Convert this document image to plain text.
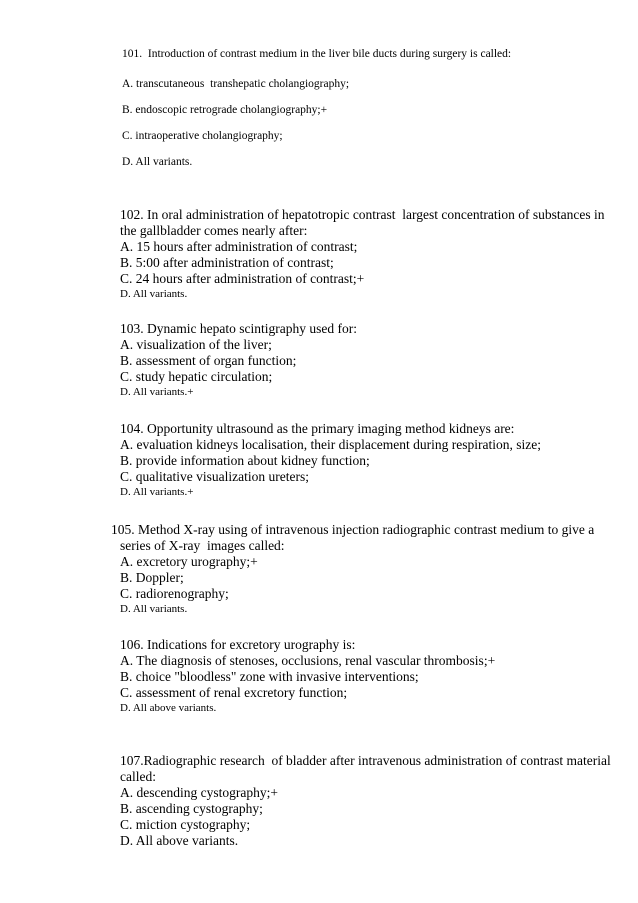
101.  Introduction of contrast medium in the liver bile ducts during surgery is called:
A. transcutaneous  transhepatic cholangiography;
B. endoscopic retrograde cholangiography;+
C. intraoperative cholangiography;
D. All variants.
102. In oral administration of hepatotropic contrast  largest concentration of substances in
the gallbladder comes nearly after:
A. 15 hours after administration of contrast;
B. 5:00 after administration of contrast;
C. 24 hours after administration of contrast;+
D. All variants.
103. Dynamic hepato scintigraphy used for:
A. visualization of the liver;
B. assessment of organ function;
C. study hepatic circulation;
D. All variants.+
104. Opportunity ultrasound as the primary imaging method kidneys are:
A. evaluation kidneys localisation, their displacement during respiration, size;
B. provide information about kidney function;
C. qualitative visualization ureters;
D. All variants.+
105. Method X-ray using of intravenous injection radiographic contrast medium to give a
series of X-ray  images called:
A. excretory urography;+
B. Doppler;
C. radiorenography;
D. All variants.
106. Indications for excretory urography is:
A. The diagnosis of stenoses, occlusions, renal vascular thrombosis;+
B. choice "bloodless" zone with invasive interventions;
C. assessment of renal excretory function;
D. All above variants.
107.Radiographic research  of bladder after intravenous administration of contrast material
called:
A. descending cystography;+
B. ascending cystography;
C. miction cystography;
D. All above variants.
